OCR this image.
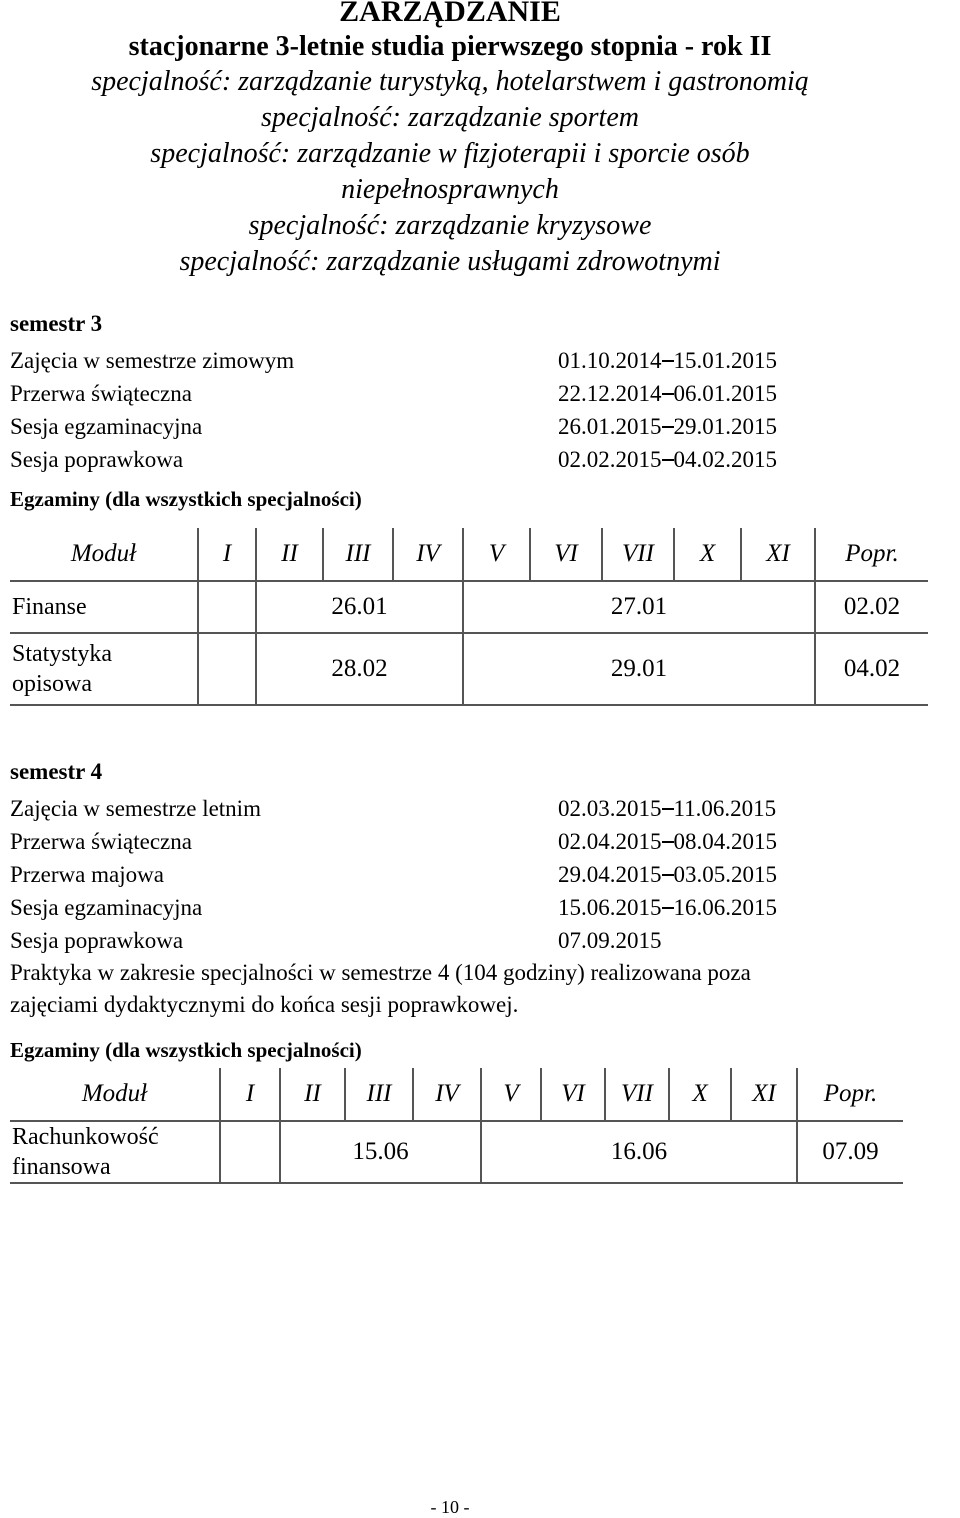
ZARZĄDZANIE
stacjonarne 3-letnie studia pierwszego stopnia - rok II
specjalność: zarządzanie turystyką, hotelarstwem i gastronomią
specjalność: zarządzanie sportem
specjalność: zarządzanie w fizjoterapii i sporcie osób
niepełnosprawnych
specjalność: zarządzanie kryzysowe
specjalność: zarządzanie usługami zdrowotnymi
semestr 3
Zajęcia w semestrze zimowym	01.10.2014 15.01.2015
Przerwa świąteczna	22.12.2014 06.01.2015
Sesja egzaminacyjna	26.01.2015 29.01.2015
Sesja poprawkowa	02.02.2015 04.02.2015
Egzaminy (dla wszystkich specjalności)
Moduł	I	II	III	IV	V	VI	VII	X	XI	Popr.
Finanse		26.01			27.01					02.02
Statystyka opisowa		28.02			29.01					04.02
semestr 4
Zajęcia w semestrze letnim	02.03.2015 11.06.2015
Przerwa świąteczna	02.04.2015 08.04.2015
Przerwa majowa	29.04.2015 03.05.2015
Sesja egzaminacyjna	15.06.2015 16.06.2015
Sesja poprawkowa	07.09.2015
Praktyka w zakresie specjalności w semestrze 4 (104 godziny) realizowana poza
zajęciami dydaktycznymi do końca sesji poprawkowej.
Egzaminy (dla wszystkich specjalności)
Moduł	I	II	III	IV	V	VI	VII	X	XI	Popr.
Rachunkowość finansowa		15.06			16.06					07.09
- 10 -
